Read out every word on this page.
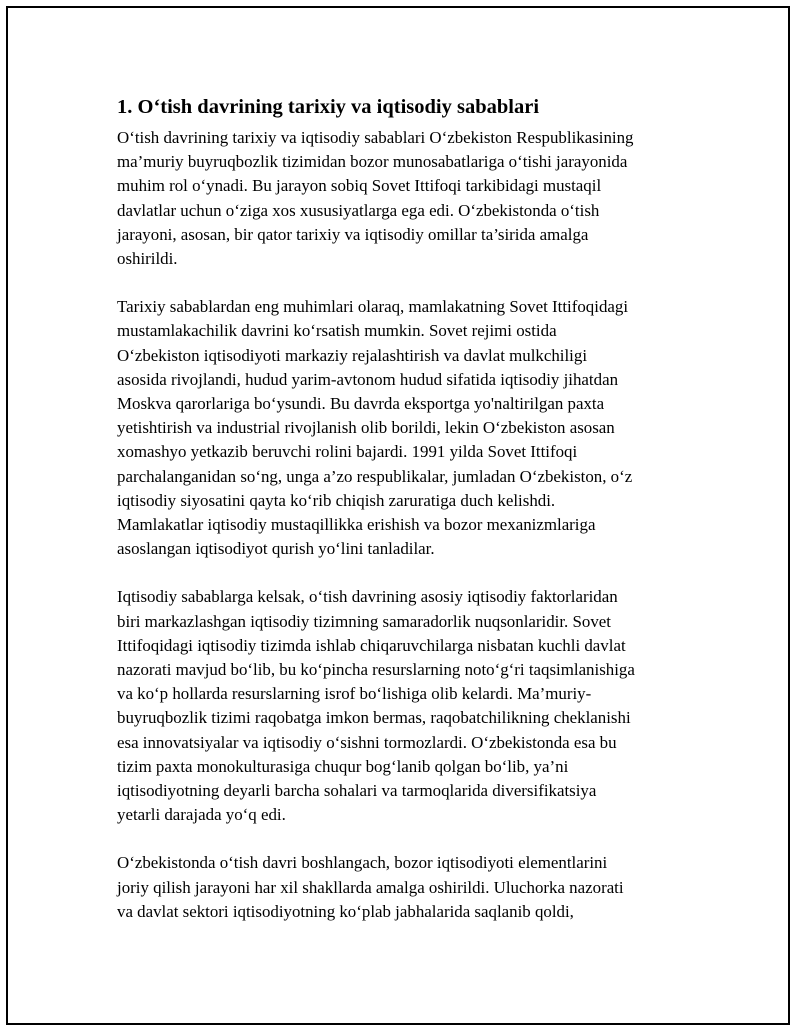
1. O‘tish davrining tarixiy va iqtisodiy sabablari
O‘tish davrining tarixiy va iqtisodiy sabablari O‘zbekiston Respublikasining
ma’muriy buyruqbozlik tizimidan bozor munosabatlariga o‘tishi jarayonida
muhim rol o‘ynadi. Bu jarayon sobiq Sovet Ittifoqi tarkibidagi mustaqil
davlatlar uchun o‘ziga xos xususiyatlarga ega edi. O‘zbekistonda o‘tish
jarayoni, asosan, bir qator tarixiy va iqtisodiy omillar ta’sirida amalga
oshirildi.
Tarixiy sabablardan eng muhimlari olaraq, mamlakatning Sovet Ittifoqidagi
mustamlakachilik davrini ko‘rsatish mumkin. Sovet rejimi ostida
O‘zbekiston iqtisodiyoti markaziy rejalashtirish va davlat mulkchiligi
asosida rivojlandi, hudud yarim-avtonom hudud sifatida iqtisodiy jihatdan
Moskva qarorlariga bo‘ysundi. Bu davrda eksportga yo'naltirilgan paxta
yetishtirish va industrial rivojlanish olib borildi, lekin O‘zbekiston asosan
xomashyo yetkazib beruvchi rolini bajardi. 1991 yilda Sovet Ittifoqi
parchalanganidan so‘ng, unga a’zo respublikalar, jumladan O‘zbekiston, o‘z
iqtisodiy siyosatini qayta ko‘rib chiqish zaruratiga duch kelishdi.
Mamlakatlar iqtisodiy mustaqillikka erishish va bozor mexanizmlariga
asoslangan iqtisodiyot qurish yo‘lini tanladilar.
Iqtisodiy sabablarga kelsak, o‘tish davrining asosiy iqtisodiy faktorlaridan
biri markazlashgan iqtisodiy tizimning samaradorlik nuqsonlaridir. Sovet
Ittifoqidagi iqtisodiy tizimda ishlab chiqaruvchilarga nisbatan kuchli davlat
nazorati mavjud bo‘lib, bu ko‘pincha resurslarning noto‘g‘ri taqsimlanishiga
va ko‘p hollarda resurslarning isrof bo‘lishiga olib kelardi. Ma’muriy-
buyruqbozlik tizimi raqobatga imkon bermas, raqobatchilikning cheklanishi
esa innovatsiyalar va iqtisodiy o‘sishni tormozlardi. O‘zbekistonda esa bu
tizim paxta monokulturasiga chuqur bog‘lanib qolgan bo‘lib, ya’ni
iqtisodiyotning deyarli barcha sohalari va tarmoqlarida diversifikatsiya
yetarli darajada yo‘q edi.
O‘zbekistonda o‘tish davri boshlangach, bozor iqtisodiyoti elementlarini
joriy qilish jarayoni har xil shakllarda amalga oshirildi. Uluchorka nazorati
va davlat sektori iqtisodiyotning ko‘plab jabhalarida saqlanib qoldi,
